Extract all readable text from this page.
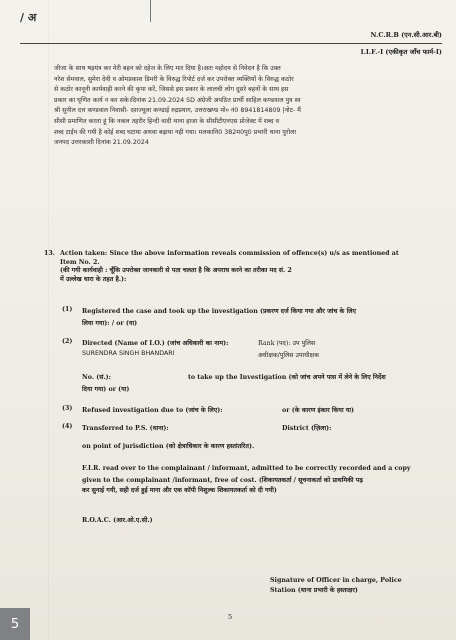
/ अ
N.C.R.B (एन.सी.आर.बी)
I.I.F.-I (एकीकृत जाँच फार्म-I)
जीजा के साथ षड़यंत्र कर मेरी बहन को दहेज के लिए मार दिया है।अतः महोदय से निवेदन है कि उक्त
नरेश सेमवाल, सुमेरा देवी व ओमप्रकाश डिमरी के विरुद्ध रिपोर्ट दर्ज कर उपरोक्त व्यक्तियों के विरुद्ध कठोर
से कठोर कानूनी कार्यवाही करने की कृपा करें, जिससे इस प्रकार के लालची लोग दूसरे बहनों के साथ इस
प्रकार का घृणित कार्य न कर सके।दिनांक 21.09.2024 SD अंग्रेजी अपठित प्रार्थी साहिल कण्डवाल पुत्र स्व
श्री सुनील दत्त कण्डवाल निवासी- दशज्यूला कण्डाई रुद्रप्रयाग, उत्तराखण्ड मो० नं0 8941814809 |नोट- मैं
सीसी प्रमाणित करता हूं कि नकल तहरीर हिन्दी वादी थाना हाजा के सीसीटीएनएस प्रोजेक्ट में शब्द व
शब्द टाईप की गयी है कोई शब्द घटाया अथवा बढ़ाया नही गया। मलकानि0 382म0पु0 प्रभारी थाना पुरोला
जनपद उत्तरकाशी दिनांक 21.09.2024
13. Action taken: Since the above information reveals commission of offence(s) u/s as mentioned at
Item No. 2.
(की गयी कार्यवाही : चूँकि उपरोक्त जानकारी से पता चलता है कि अपराध करने का तरीका मद सं. 2
में उल्लेख धारा के तहत है.):
(1) Registered the case and took up the investigation (प्रकरण दर्ज किया गया और जांच के लिए
लिया गया): / or (या)
(2) Directed (Name of I.O.) (जांच अधिकारी का नाम):	Rank (पद): उप पुलिस
SURENDRA SINGH BHANDARI	अधीक्षक/पुलिस उपाधीक्षक
No. (सं.):	to take up the Investigation (को जांच अपने पास में लेने के लिए निर्देश
दिया गया) or (या)
(3) Refused investigation due to (जांच के लिए):	or (के कारण इंकार किया या)
(4) Transferred to P.S. (थाना):	District (ज़िला):
on point of jurisdiction (को क्षेत्राधिकार के कारण हस्तांतरित).
F.I.R. read over to the complainant / informant, admitted to be correctly recorded and a copy
given to the complainant /informant, free of cost. (शिकायतकर्ता / सूचनाकर्ता को प्राथमिकी पढ़
कर सुनाई गयी, सही दर्ज हुई माना और एक कॉपी निशुल्क शिकायतकर्ता को दी गयी)
R.O.A.C. (आर.ओ.ए.सी.)
Signature of Officer in charge, Police
Station (थाना प्रभारी के हस्ताक्षर)
5
5
